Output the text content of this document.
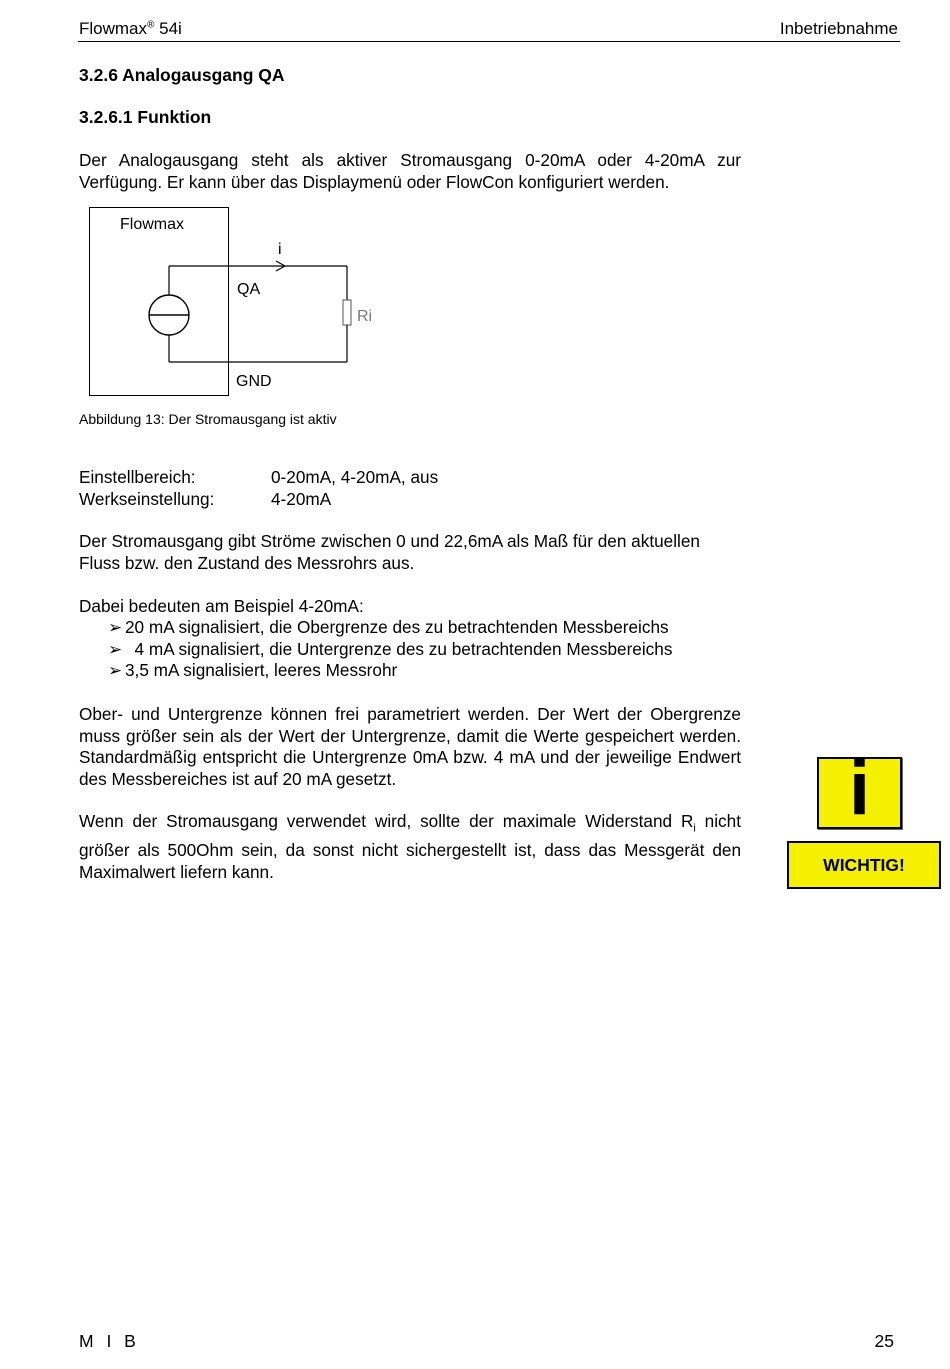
Flowmax® 54i	Inbetriebnahme
3.2.6 Analogausgang QA
3.2.6.1 Funktion
Der Analogausgang steht als aktiver Stromausgang 0-20mA oder 4-20mA zur Verfügung. Er kann über das Displaymenü oder FlowCon konfiguriert werden.
Flowmax
i
QA
Ri
GND
Abbildung 13: Der Stromausgang ist aktiv
Einstellbereich:	0-20mA, 4-20mA, aus
Werkseinstellung:	4-20mA
Der Stromausgang gibt Ströme zwischen 0 und 22,6mA als Maß für den aktuellen Fluss bzw. den Zustand des Messrohrs aus.
Dabei bedeuten am Beispiel 4-20mA:
➢ 20 mA signalisiert, die Obergrenze des zu betrachtenden Messbereichs
➢  4 mA signalisiert, die Untergrenze des zu betrachtenden Messbereichs
➢ 3,5 mA signalisiert, leeres Messrohr
Ober- und Untergrenze können frei parametriert werden. Der Wert der Obergrenze muss größer sein als der Wert der Untergrenze, damit die Werte gespeichert werden. Standardmäßig entspricht die Untergrenze 0mA bzw. 4 mA und der jeweilige Endwert des Messbereiches ist auf 20 mA gesetzt.
Wenn der Stromausgang verwendet wird, sollte der maximale Widerstand $R_i$ nicht größer als 500Ohm sein, da sonst nicht sichergestellt ist, dass das Messgerät den Maximalwert liefern kann.
i
WICHTIG!
M I B	25
